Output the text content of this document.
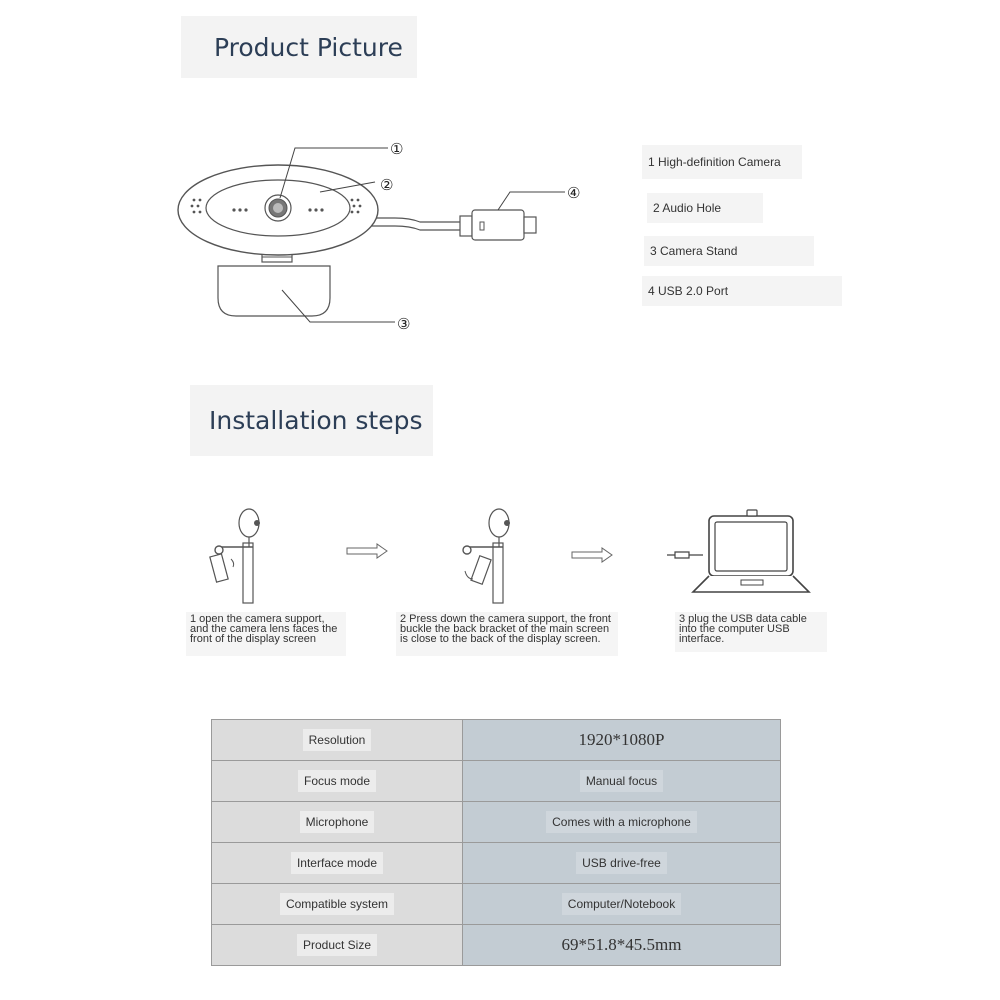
Product Picture
①
②	④
③
1 High-definition Camera
2 Audio Hole
3 Camera Stand
4 USB 2.0 Port
Installation steps
1 open the camera support, and the camera lens faces the front of the display screen
2 Press down the camera support, the front buckle the back bracket of the main screen is close to the back of the display screen.
3 plug the USB data cable into the computer USB interface.
Resolution	1920*1080P
Focus mode	Manual focus
Microphone	Comes with a microphone
Interface mode	USB drive-free
Compatible system	Computer/Notebook
Product Size	69*51.8*45.5mm
